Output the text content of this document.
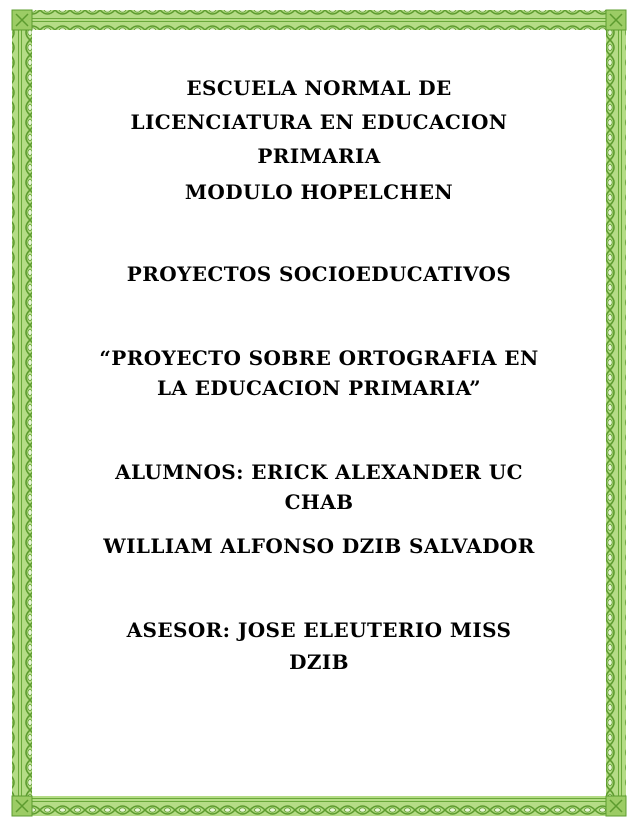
ESCUELA NORMAL DE
LICENCIATURA EN EDUCACION
PRIMARIA
MODULO HOPELCHEN
PROYECTOS SOCIOEDUCATIVOS
“PROYECTO SOBRE ORTOGRAFIA EN
LA EDUCACION PRIMARIA”
ALUMNOS: ERICK ALEXANDER UC
CHAB
WILLIAM ALFONSO DZIB SALVADOR
ASESOR: JOSE ELEUTERIO MISS
DZIB
